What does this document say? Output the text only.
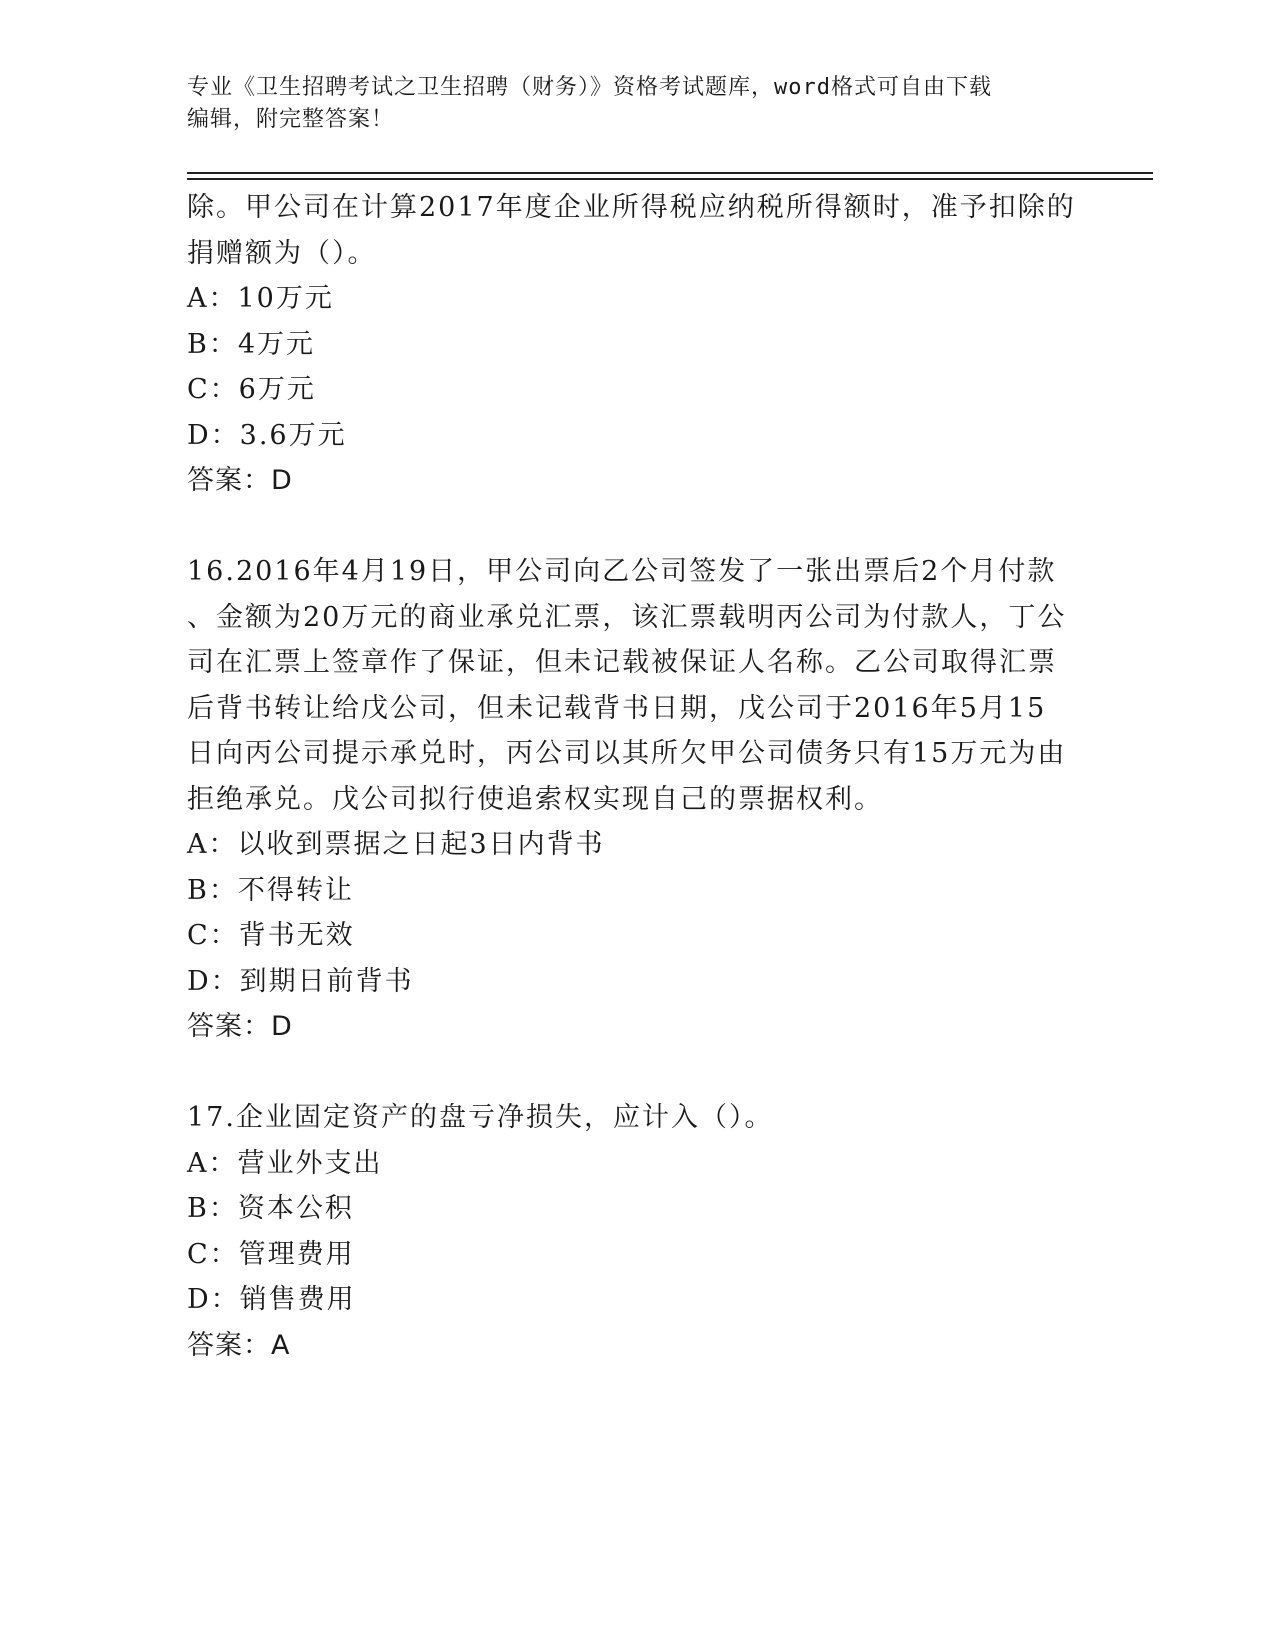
专业《卫生招聘考试之卫生招聘（财务）》资格考试题库，word格式可自由下载
编辑，附完整答案！
除。甲公司在计算2017年度企业所得税应纳税所得额时，准予扣除的
捐赠额为（）。
A：10万元
B：4万元
C：6万元
D：3.6万元
答案：D
16.2016年4月19日，甲公司向乙公司签发了一张出票后2个月付款
、金额为20万元的商业承兑汇票，该汇票载明丙公司为付款人，丁公
司在汇票上签章作了保证，但未记载被保证人名称。乙公司取得汇票
后背书转让给戊公司，但未记载背书日期，戊公司于2016年5月15
日向丙公司提示承兑时，丙公司以其所欠甲公司债务只有15万元为由
拒绝承兑。戊公司拟行使追索权实现自己的票据权利。
A：以收到票据之日起3日内背书
B：不得转让
C：背书无效
D：到期日前背书
答案：D
17.企业固定资产的盘亏净损失，应计入（）。
A：营业外支出
B：资本公积
C：管理费用
D：销售费用
答案：A
